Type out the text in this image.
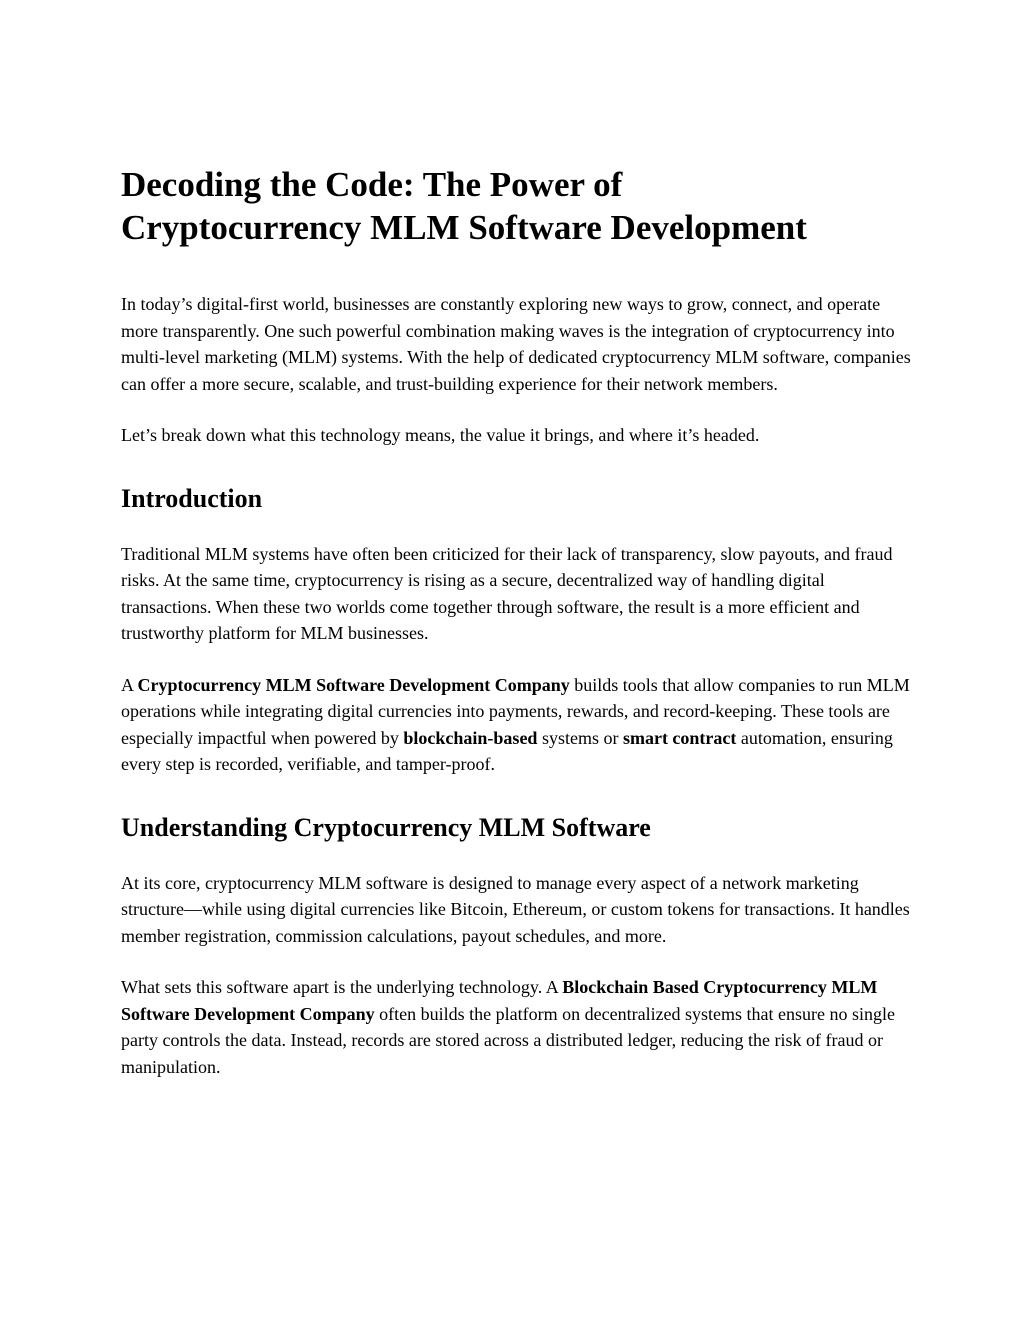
Decoding the Code: The Power of
Cryptocurrency MLM Software Development

In today’s digital-first world, businesses are constantly exploring new ways to grow, connect, and operate more transparently. One such powerful combination making waves is the integration of cryptocurrency into multi-level marketing (MLM) systems. With the help of dedicated cryptocurrency MLM software, companies can offer a more secure, scalable, and trust-building experience for their network members.

Let’s break down what this technology means, the value it brings, and where it’s headed.

Introduction

Traditional MLM systems have often been criticized for their lack of transparency, slow payouts, and fraud risks. At the same time, cryptocurrency is rising as a secure, decentralized way of handling digital transactions. When these two worlds come together through software, the result is a more efficient and trustworthy platform for MLM businesses.

A Cryptocurrency MLM Software Development Company builds tools that allow companies to run MLM operations while integrating digital currencies into payments, rewards, and record-keeping. These tools are especially impactful when powered by blockchain-based systems or smart contract automation, ensuring every step is recorded, verifiable, and tamper-proof.

Understanding Cryptocurrency MLM Software

At its core, cryptocurrency MLM software is designed to manage every aspect of a network marketing structure—while using digital currencies like Bitcoin, Ethereum, or custom tokens for transactions. It handles member registration, commission calculations, payout schedules, and more.

What sets this software apart is the underlying technology. A Blockchain Based Cryptocurrency MLM Software Development Company often builds the platform on decentralized systems that ensure no single party controls the data. Instead, records are stored across a distributed ledger, reducing the risk of fraud or manipulation.
